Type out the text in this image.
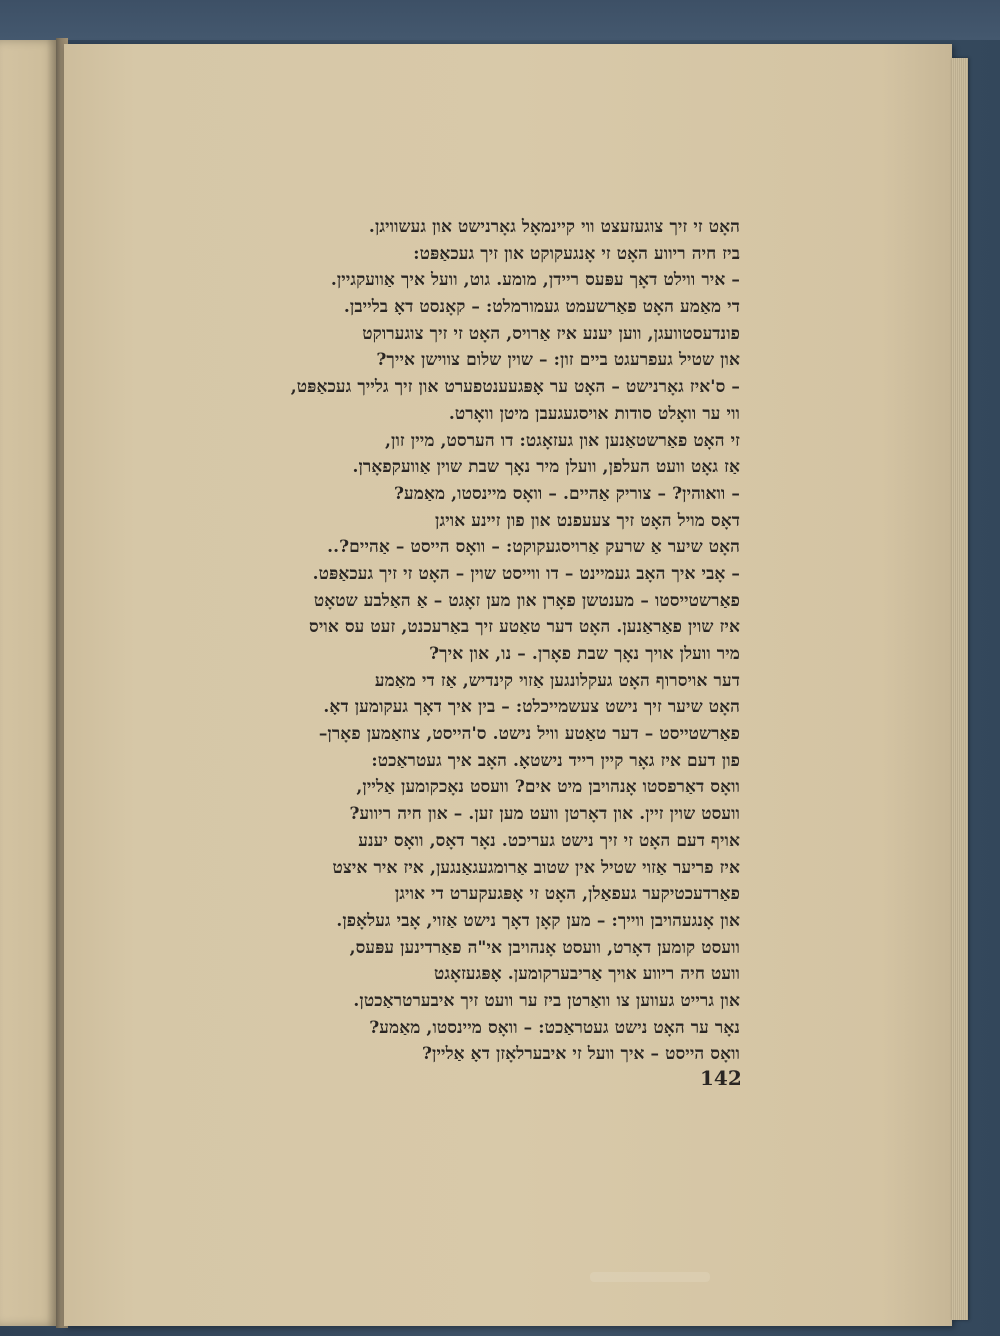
האָט זי זיך צוגעזעצט ווי קיינמאָל גאָרנישט און געשוויגן.
ביז חיה ריווע האָט זי אָנגעקוקט און זיך געכאַפּט:
– איר ווילט דאָך עפּעס ריידן, מומע. גוט, וועל איך אַוועקגיין.
די מאַמע האָט פאַרשעמט געמורמלט: – קאָנסט דאָ בלייבן.
פונדעסטוועגן, ווען יענע איז אַרויס, האָט זי זיך צוגערוקט
און שטיל געפרעגט ביים זון: – שוין שלום צווישן אייך?
– ס'איז גאָרנישט – האָט ער אָפּגעענטפערט און זיך גלייך געכאַפּט,
ווי ער וואָלט סודות אויסגעגעבן מיטן וואָרט.
זי האָט פאַרשטאַנען און געזאָגט: דו הערסט, מיין זון,
אַז גאָט וועט העלפן, וועלן מיר נאָך שבת שוין אַוועקפאָרן.
– וואוהין? – צוריק אַהיים. – וואָס מיינסטו, מאַמע?
דאָס מויל האָט זיך צעעפנט און פון זיינע אויגן
האָט שיער אַ שרעק אַרויסגעקוקט: – וואָס הייסט – אַהיים?..
– אָבי איך האָב געמיינט – דו ווייסט שוין – האָט זי זיך געכאַפּט.
פאַרשטייסטו – מענטשן פאָרן און מען זאָגט – אַ האַלבע שטאָט
איז שוין פאַראַנען. האָט דער טאַטע זיך באַרעכנט, זעט עס אויס
מיר וועלן אויך נאָך שבת פאָרן. – נו, און איך?
דער אויסרוף האָט געקלונגען אַזוי קינדיש, אַז די מאַמע
האָט שיער זיך נישט צעשמייכלט: – בין איך דאָך געקומען דאָ.
פאַרשטייסט – דער טאַטע וויל נישט. ס'הייסט, צוזאַמען פאָרן–
פון דעם איז גאָר קיין רייד נישטאָ. האָב איך געטראַכט:
וואָס דאַרפסטו אָנהויבן מיט אים? וועסט נאָכקומען אַליין,
וועסט שוין זיין. און דאָרטן וועט מען זען. – און חיה ריווע?
אויף דעם האָט זי זיך נישט געריכט. נאָר דאָס, וואָס יענע
איז פריער אַזוי שטיל אין שטוב אַרומגעגאַנגען, איז איר איצט
פאַרדעכטיקער געפאַלן, האָט זי אָפּגעקערט די אויגן
און אָנגעהויבן ווייך: – מען קאָן דאָך נישט אַזוי, אָבי געלאָפן.
וועסט קומען דאָרט, וועסט אָנהויבן אי"ה פאַרדינען עפּעס,
וועט חיה ריווע אויך אַריבערקומען. אָפּגעזאָגט
און גרייט געווען צו וואַרטן ביז ער וועט זיך איבערטראַכטן.
נאָר ער האָט נישט געטראַכט: – וואָס מיינסטו, מאַמע?
וואָס הייסט – איך וועל זי איבערלאָזן דאָ אַליין?
142
